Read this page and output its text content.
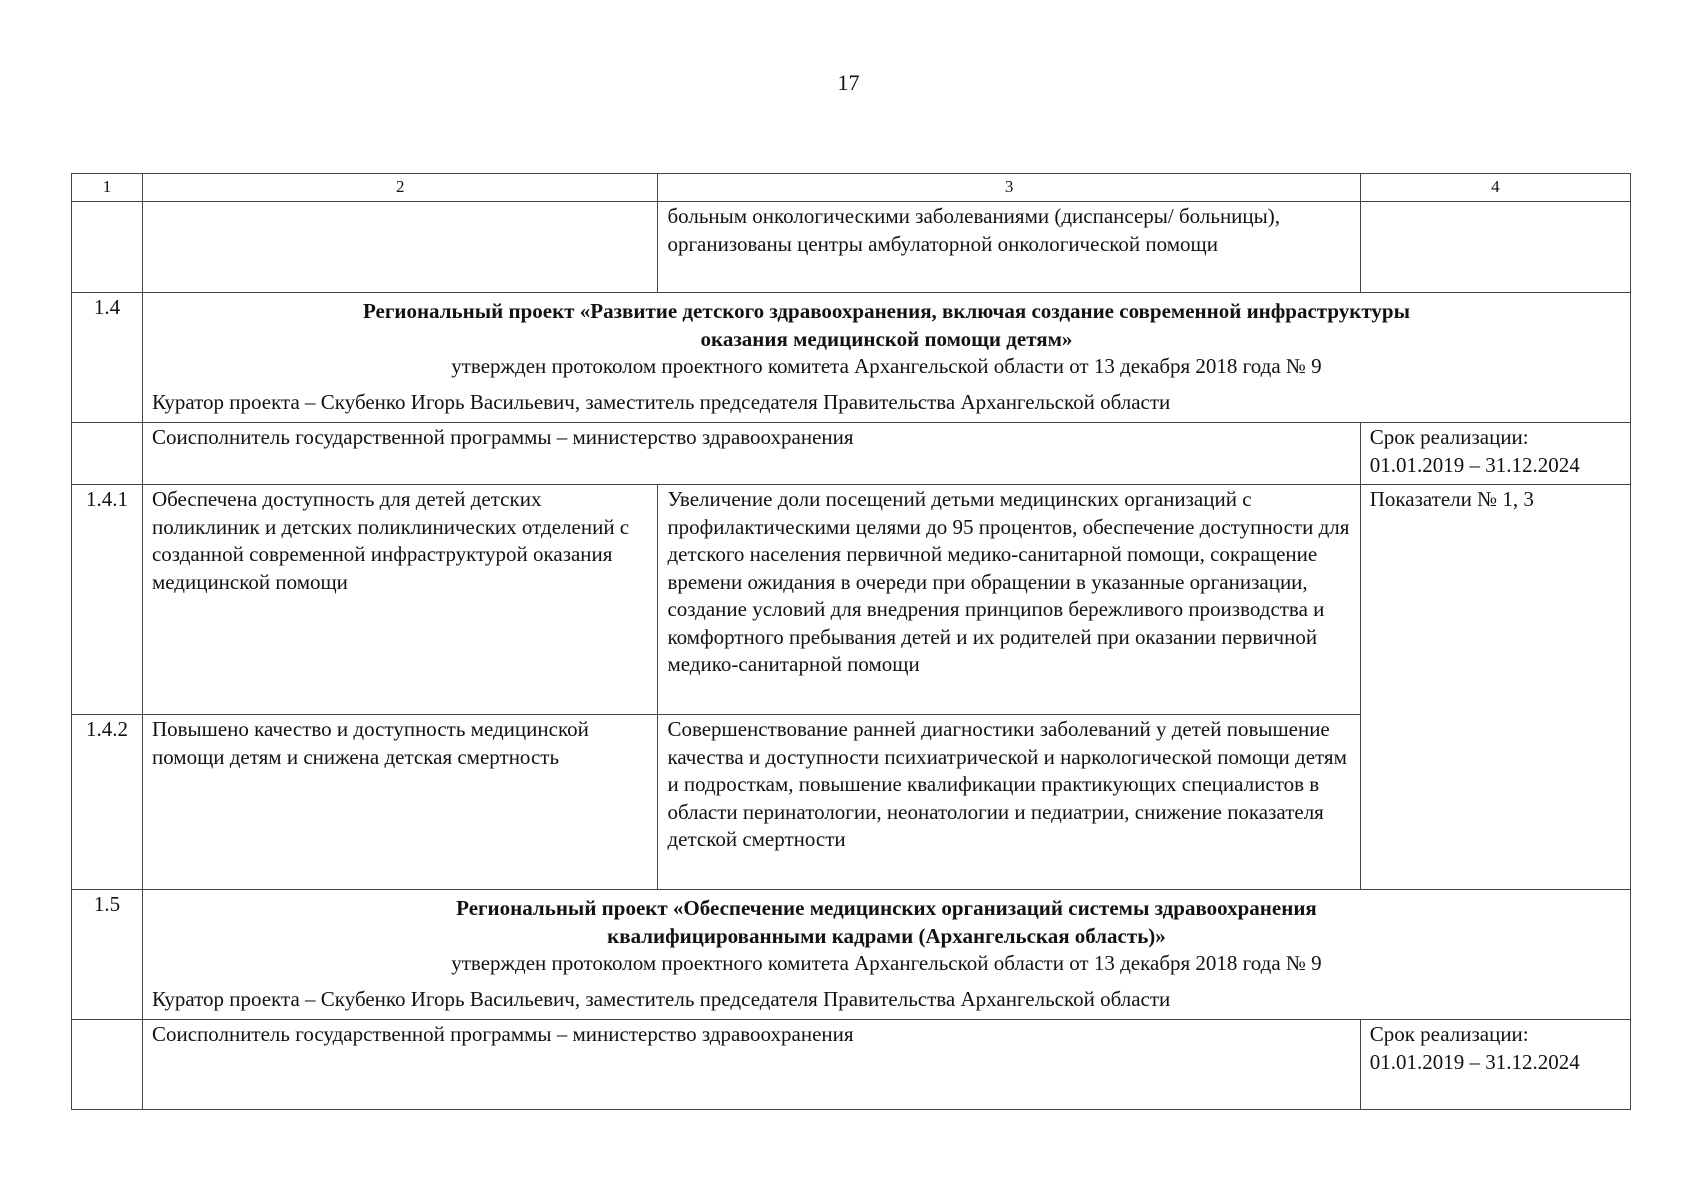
17
1	2	3	4
		больным онкологическими заболеваниями (диспансеры/ больницы), организованы центры амбулаторной онкологической помощи	
1.4	Региональный проект «Развитие детского здравоохранения, включая создание современной инфраструктуры
оказания медицинской помощи детям»
утвержден протоколом проектного комитета Архангельской области от 13 декабря 2018 года № 9
Куратор проекта – Скубенко Игорь Васильевич, заместитель председателя Правительства Архангельской области		

	Соисполнитель государственной программы – министерство здравоохранения		Срок реализации:
01.01.2019 – 31.12.2024

1.4.1	Обеспечена доступность для детей детских поликлиник и детских поликлинических отделений с созданной современной инфраструктурой оказания медицинской помощи	Увеличение доли посещений детьми медицинских организаций с профилактическими целями до 95 процентов, обеспечение доступности для детского населения первичной медико-санитарной помощи, сокращение времени ожидания в очереди при обращении в указанные организации, создание условий для внедрения принципов бережливого производства и комфортного пребывания детей и их родителей при оказании первичной медико-санитарной помощи	Показатели № 1, 3
1.4.2	Повышено качество и доступность медицинской помощи детям и снижена детская смертность	Совершенствование ранней диагностики заболеваний у детей повышение качества и доступности психиатрической и наркологической помощи детям и подросткам, повышение квалификации практикующих специалистов в области перинатологии, неонатологии и педиатрии, снижение показателя детской смертности	
1.5	Региональный проект «Обеспечение медицинских организаций системы здравоохранения
квалифицированными кадрами (Архангельская область)»
утвержден протоколом проектного комитета Архангельской области от 13 декабря 2018 года № 9
Куратор проекта – Скубенко Игорь Васильевич, заместитель председателя Правительства Архангельской области		

	Соисполнитель государственной программы – министерство здравоохранения		Срок реализации:
01.01.2019 – 31.12.2024
